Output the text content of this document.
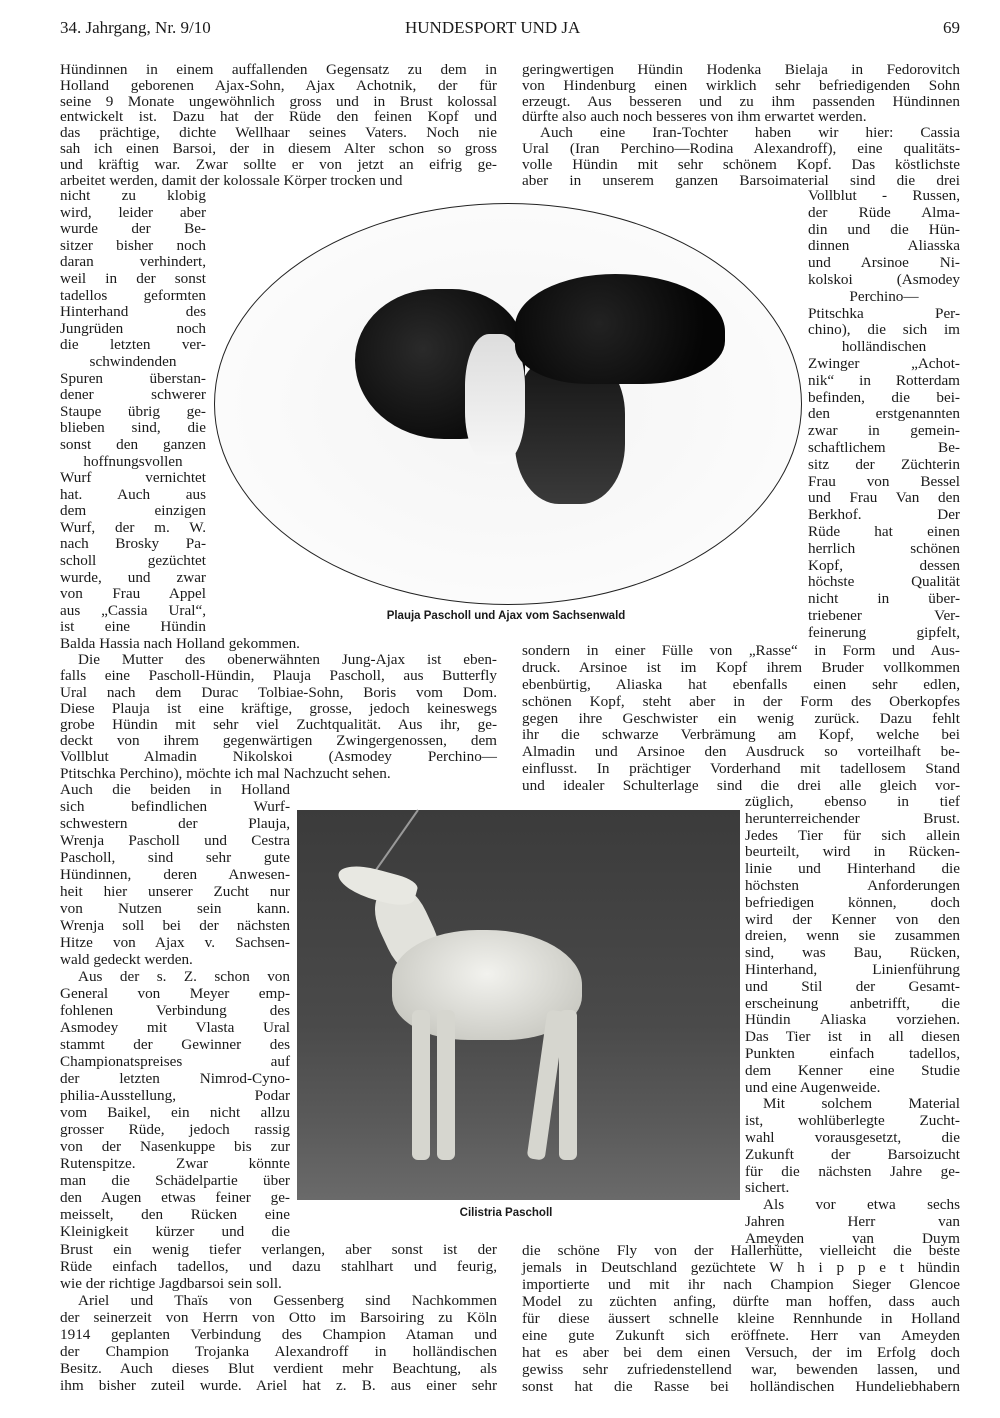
34. Jahrgang, Nr. 9/10	HUNDESPORT UND JA	69
Plauja Pascholl und Ajax vom Sachsenwald
Cilistria Pascholl
Hündinnen in einem auffallenden Gegensatz zu dem in
Holland geborenen Ajax-Sohn, Ajax Achotnik, der für
seine 9 Monate ungewöhnlich gross und in Brust kolossal
entwickelt ist. Dazu hat der Rüde den feinen Kopf und
das prächtige, dichte Wellhaar seines Vaters. Noch nie
sah ich einen Barsoi, der in diesem Alter schon so gross
und kräftig war. Zwar sollte er von jetzt an eifrig ge-
arbeitet werden, damit der kolossale Körper trocken und
nicht zu klobig
wird, leider aber
wurde der Be-
sitzer bisher noch
daran verhindert,
weil in der sonst
tadellos geformten
Hinterhand des
Jungrüden noch
die letzten ver-
schwindenden
Spuren überstan-
dener schwerer
Staupe übrig ge-
blieben sind, die
sonst den ganzen
hoffnungsvollen
Wurf vernichtet
hat. Auch aus
dem einzigen
Wurf, der m. W.
nach Brosky Pa-
scholl gezüchtet
wurde, und zwar
von Frau Appel
aus „Cassia Ural“,
ist eine Hündin
Balda Hassia nach Holland gekommen.
Die Mutter des obenerwähnten Jung-Ajax ist eben-
falls eine Pascholl-Hündin, Plauja Pascholl, aus Butterfly
Ural nach dem Durac Tolbiae-Sohn, Boris vom Dom.
Diese Plauja ist eine kräftige, grosse, jedoch keineswegs
grobe Hündin mit sehr viel Zuchtqualität. Aus ihr, ge-
deckt von ihrem gegenwärtigen Zwingergenossen, dem
Vollblut Almadin Nikolskoi (Asmodey Perchino—
Ptitschka Perchino), möchte ich mal Nachzucht sehen.
Auch die beiden in Holland
sich befindlichen Wurf-
schwestern der Plauja,
Wrenja Pascholl und Cestra
Pascholl, sind sehr gute
Hündinnen, deren Anwesen-
heit hier unserer Zucht nur
von Nutzen sein kann.
Wrenja soll bei der nächsten
Hitze von Ajax v. Sachsen-
wald gedeckt werden.
Aus der s. Z. schon von
General von Meyer emp-
fohlenen Verbindung des
Asmodey mit Vlasta Ural
stammt der Gewinner des
Championatspreises auf
der letzten Nimrod-Cyno-
philia-Ausstellung, Podar
vom Baikel, ein nicht allzu
grosser Rüde, jedoch rassig
von der Nasenkuppe bis zur
Rutenspitze. Zwar könnte
man die Schädelpartie über
den Augen etwas feiner ge-
meisselt, den Rücken eine
Kleinigkeit kürzer und die
Brust ein wenig tiefer verlangen, aber sonst ist der
Rüde einfach tadellos, und dazu stahlhart und feurig,
wie der richtige Jagdbarsoi sein soll.
Ariel und Thaïs von Gessenberg sind Nachkommen
der seinerzeit von Herrn von Otto im Barsoiring zu Köln
1914 geplanten Verbindung des Champion Ataman und
der Champion Trojanka Alexandroff in holländischen
Besitz. Auch dieses Blut verdient mehr Beachtung, als
ihm bisher zuteil wurde. Ariel hat z. B. aus einer sehr
geringwertigen Hündin Hodenka Bielaja in Fedorovitch
von Hindenburg einen wirklich sehr befriedigenden Sohn
erzeugt. Aus besseren und zu ihm passenden Hündinnen
dürfte also auch noch besseres von ihm erwartet werden.
Auch eine Iran-Tochter haben wir hier: Cassia
Ural (Iran Perchino—Rodina Alexandroff), eine qualitäts-
volle Hündin mit sehr schönem Kopf. Das köstlichste
aber in unserem ganzen Barsoimaterial sind die drei
Vollblut - Russen,
der Rüde Alma-
din und die Hün-
dinnen Aliasska
und Arsinoe Ni-
kolskoi (Asmodey
Perchino—
Ptitschka Per-
chino), die sich im
holländischen
Zwinger „Achot-
nik“ in Rotterdam
befinden, die bei-
den erstgenannten
zwar in gemein-
schaftlichem Be-
sitz der Züchterin
Frau von Bessel
und Frau Van den
Berkhof. Der
Rüde hat einen
herrlich schönen
Kopf, dessen
höchste Qualität
nicht in über-
triebener Ver-
feinerung gipfelt,
sondern in einer Fülle von „Rasse“ in Form und Aus-
druck. Arsinoe ist im Kopf ihrem Bruder vollkommen
ebenbürtig, Aliaska hat ebenfalls einen sehr edlen,
schönen Kopf, steht aber in der Form des Oberkopfes
gegen ihre Geschwister ein wenig zurück. Dazu fehlt
ihr die schwarze Verbrämung am Kopf, welche bei
Almadin und Arsinoe den Ausdruck so vorteilhaft be-
einflusst. In prächtiger Vorderhand mit tadellosem Stand
und idealer Schulterlage sind die drei alle gleich vor-
züglich, ebenso in tief
herunterreichender Brust.
Jedes Tier für sich allein
beurteilt, wird in Rücken-
linie und Hinterhand die
höchsten Anforderungen
befriedigen können, doch
wird der Kenner von den
dreien, wenn sie zusammen
sind, was Bau, Rücken,
Hinterhand, Linienführung
und Stil der Gesamt-
erscheinung anbetrifft, die
Hündin Aliaska vorziehen.
Das Tier ist in all diesen
Punkten einfach tadellos,
dem Kenner eine Studie
und eine Augenweide.
Mit solchem Material
ist, wohlüberlegte Zucht-
wahl vorausgesetzt, die
Zukunft der Barsoizucht
für die nächsten Jahre ge-
sichert.
Als vor etwa sechs
Jahren Herr van
Ameyden van Duym
die schöne Fly von der Hallerhütte, vielleicht die beste
jemals in Deutschland gezüchtete W h i p p e t hündin
importierte und mit ihr nach Champion Sieger Glencoe
Model zu züchten anfing, dürfte man hoffen, dass auch
für diese äussert schnelle kleine Rennhunde in Holland
eine gute Zukunft sich eröffnete. Herr van Ameyden
hat es aber bei dem einen Versuch, der im Erfolg doch
gewiss sehr zufriedenstellend war, bewenden lassen, und
sonst hat die Rasse bei holländischen Hundeliebhabern
